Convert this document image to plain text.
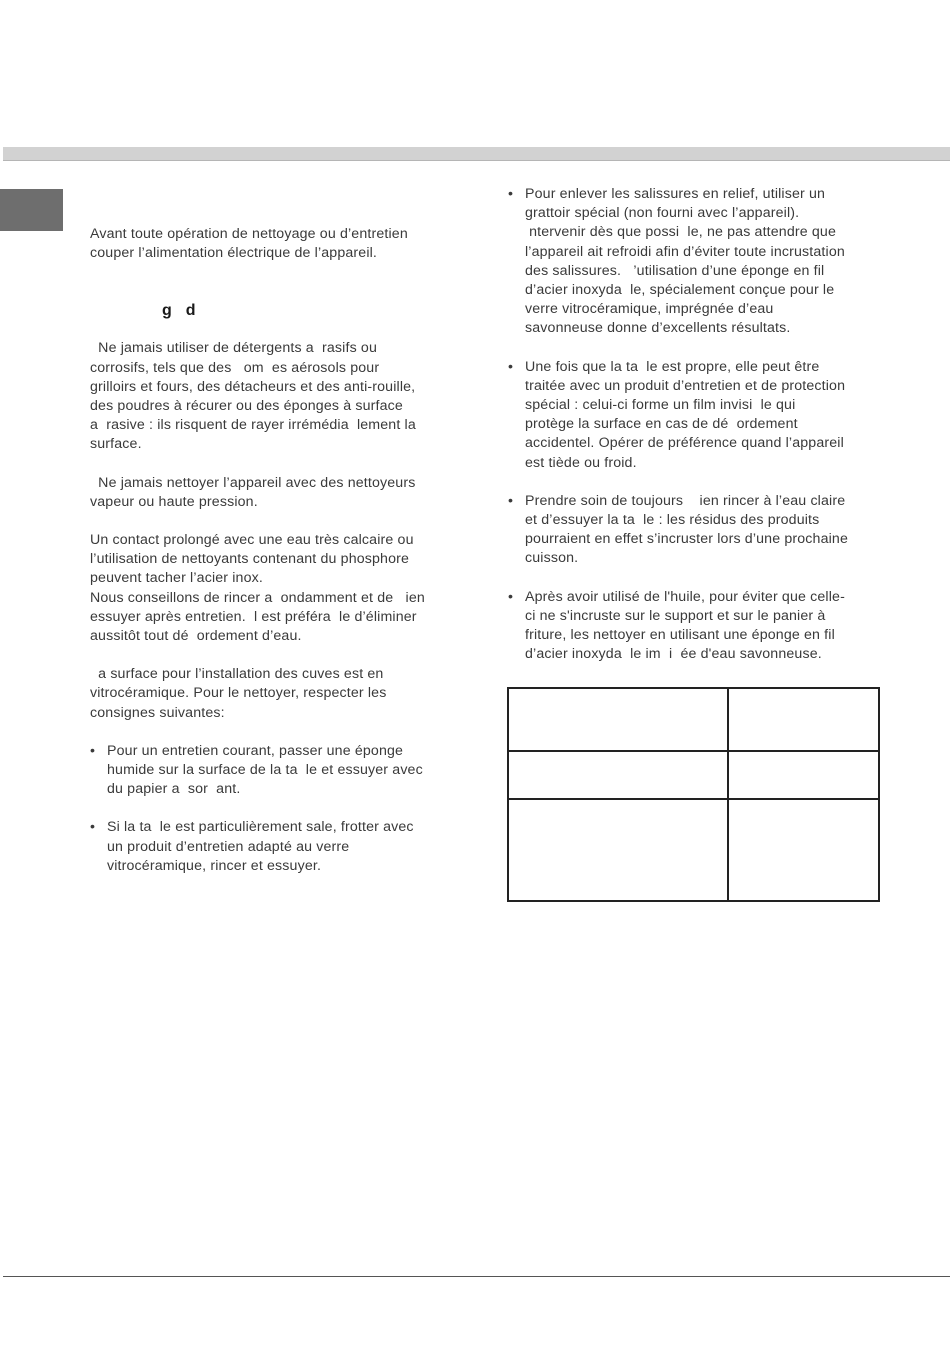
Avant toute opération de nettoyage ou d’entretien

couper l’alimentation électrique de l’appareil.

g   d

Ne jamais utiliser de détergents a  rasifs ou

corrosifs, tels que des   om  es aérosols pour

grilloirs et fours, des détacheurs et des anti-rouille,

des poudres à récurer ou des éponges à surface

a  rasive : ils risquent de rayer irrémédia  lement la

surface.

Ne jamais nettoyer l’appareil avec des nettoyeurs

vapeur ou haute pression.

Un contact prolongé avec une eau très calcaire ou

l’utilisation de nettoyants contenant du phosphore

peuvent tacher l’acier inox.

Nous conseillons de rincer a  ondamment et de   ien

essuyer après entretien.  l est préféra  le d’éliminer

aussitôt tout dé  ordement d’eau.

a surface pour l’installation des cuves est en

vitrocéramique. Pour le nettoyer, respecter les

consignes suivantes:

• Pour un entretien courant, passer une éponge

humide sur la surface de la ta  le et essuyer avec

du papier a  sor  ant.

• Si la ta  le est particulièrement sale, frotter avec

un produit d’entretien adapté au verre

vitrocéramique, rincer et essuyer.

• Pour enlever les salissures en relief, utiliser un

grattoir spécial (non fourni avec l’appareil).

ntervenir dès que possi  le, ne pas attendre que

l’appareil ait refroidi afin d’éviter toute incrustation

des salissures.   ’utilisation d’une éponge en fil

d’acier inoxyda  le, spécialement conçue pour le

verre vitrocéramique, imprégnée d’eau

savonneuse donne d’excellents résultats.

• Une fois que la ta  le est propre, elle peut être

traitée avec un produit d’entretien et de protection

spécial : celui-ci forme un film invisi  le qui

protège la surface en cas de dé  ordement

accidentel. Opérer de préférence quand l’appareil

est tiède ou froid.

• Prendre soin de toujours    ien rincer à l’eau claire

et d’essuyer la ta  le : les résidus des produits

pourraient en effet s’incruster lors d’une prochaine

cuisson.

• Après avoir utilisé de l'huile, pour éviter que celle-

ci ne s'incruste sur le support et sur le panier à

friture, les nettoyer en utilisant une éponge en fil

d’acier inoxyda  le im  i  ée d'eau savonneuse.
